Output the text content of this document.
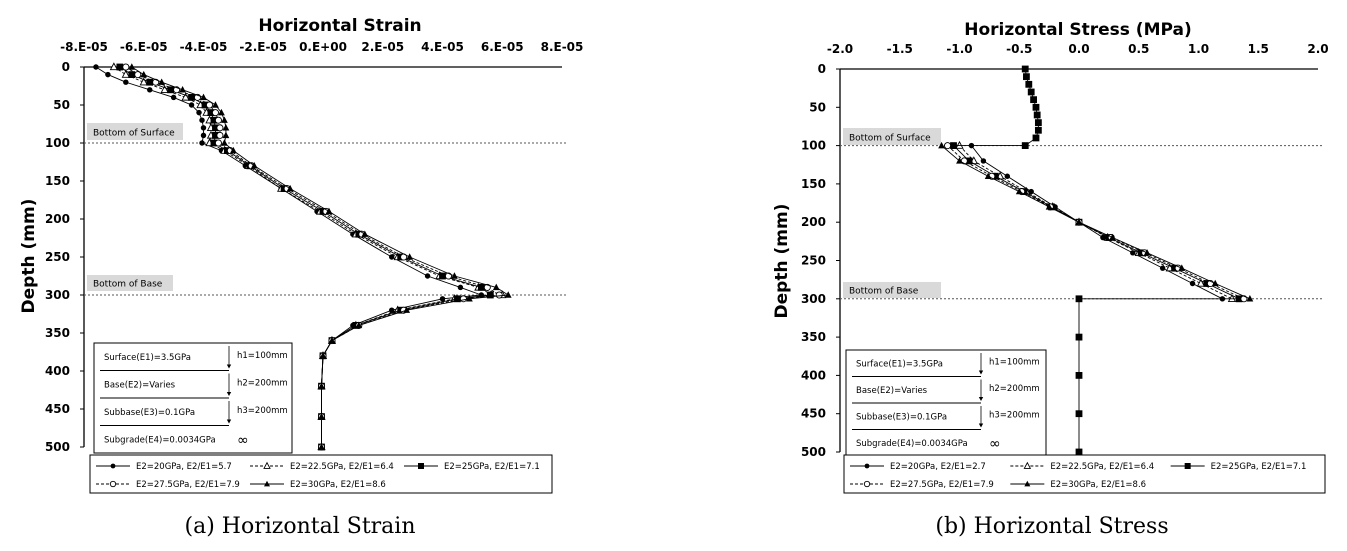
Horizontal Strain
-8.E-05 -6.E-05 -4.E-05 -2.E-05 0.E+00 2.E-05 4.E-05 6.E-05 8.E-05
0
50
100
150
200
250
300
350
400
450
500
Depth (mm)
Bottom of Surface
Bottom of Base
Surface(E1)=3.5GPa	h1=100mm
Base(E2)=Varies	h2=200mm
Subbase(E3)=0.1GPa	h3=200mm
Subgrade(E4)=0.0034GPa ∞
E2=20GPa, E2/E1=5.7	E2=22.5GPa, E2/E1=6.4	E2=25GPa, E2/E1=7.1
E2=27.5GPa, E2/E1=7.9	E2=30GPa, E2/E1=8.6
(a) Horizontal Strain
Horizontal Stress (MPa)
-2.0	-1.5	-1.0	-0.5	0.0	0.5	1.0	1.5	2.0
0
50
100
150
200
250
300
350
400
450
500
Depth (mm)
Bottom of Surface
Bottom of Base
Surface(E1)=3.5GPa	h1=100mm
Base(E2)=Varies	h2=200mm
Subbase(E3)=0.1GPa	h3=200mm
Subgrade(E4)=0.0034GPa ∞
E2=20GPa, E2/E1=2.7	E2=22.5GPa, E2/E1=6.4	E2=25GPa, E2/E1=7.1
E2=27.5GPa, E2/E1=7.9	E2=30GPa, E2/E1=8.6
(b) Horizontal Stress
